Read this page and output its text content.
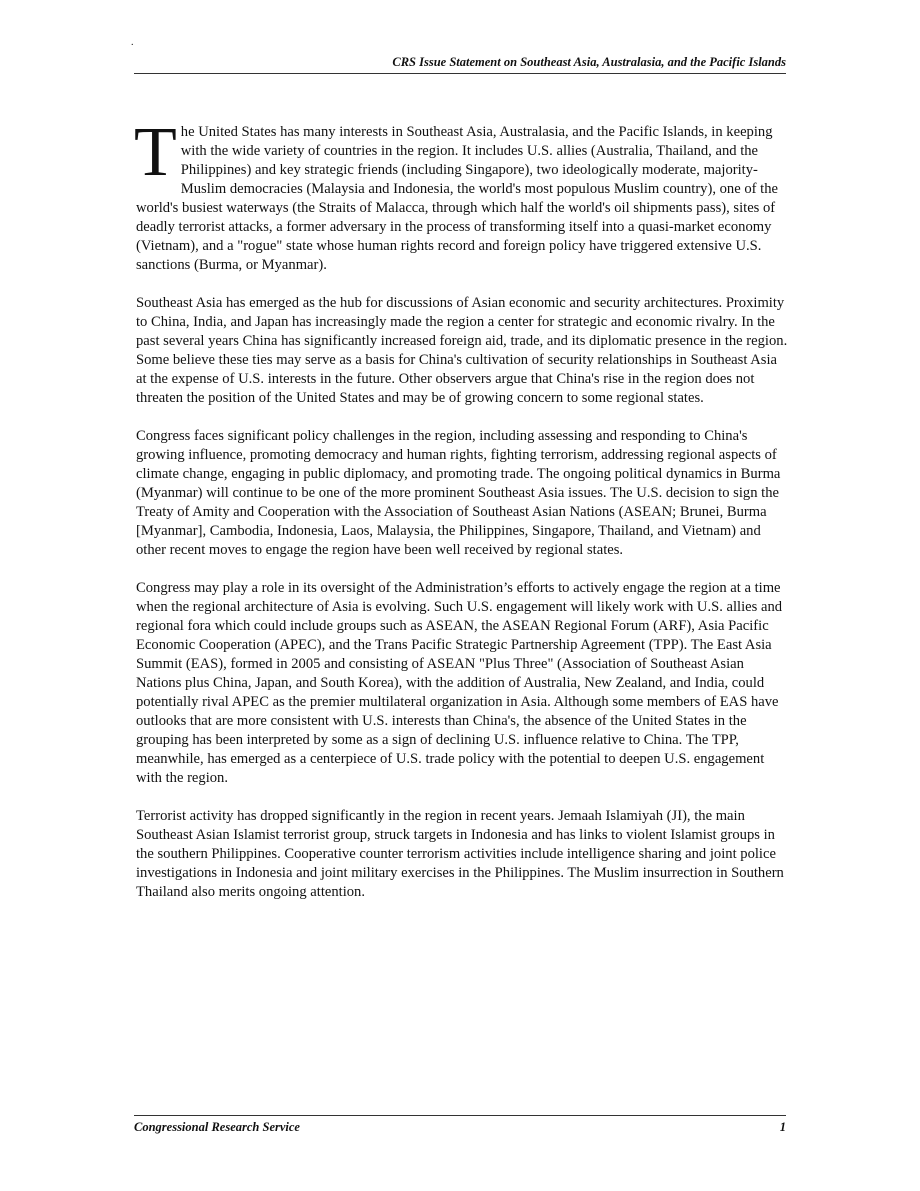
.
CRS Issue Statement on Southeast Asia, Australasia, and the Pacific Islands

The United States has many interests in Southeast Asia, Australasia, and the Pacific Islands, in keeping with the wide variety of countries in the region. It includes U.S. allies (Australia, Thailand, and the Philippines) and key strategic friends (including Singapore), two ideologically moderate, majority-Muslim democracies (Malaysia and Indonesia, the world's most populous Muslim country), one of the world's busiest waterways (the Straits of Malacca, through which half the world's oil shipments pass), sites of deadly terrorist attacks, a former adversary in the process of transforming itself into a quasi-market economy (Vietnam), and a "rogue" state whose human rights record and foreign policy have triggered extensive U.S. sanctions (Burma, or Myanmar).

Southeast Asia has emerged as the hub for discussions of Asian economic and security architectures. Proximity to China, India, and Japan has increasingly made the region a center for strategic and economic rivalry. In the past several years China has significantly increased foreign aid, trade, and its diplomatic presence in the region. Some believe these ties may serve as a basis for China's cultivation of security relationships in Southeast Asia at the expense of U.S. interests in the future. Other observers argue that China's rise in the region does not threaten the position of the United States and may be of growing concern to some regional states.

Congress faces significant policy challenges in the region, including assessing and responding to China's growing influence, promoting democracy and human rights, fighting terrorism, addressing regional aspects of climate change, engaging in public diplomacy, and promoting trade. The ongoing political dynamics in Burma (Myanmar) will continue to be one of the more prominent Southeast Asia issues. The U.S. decision to sign the Treaty of Amity and Cooperation with the Association of Southeast Asian Nations (ASEAN; Brunei, Burma [Myanmar], Cambodia, Indonesia, Laos, Malaysia, the Philippines, Singapore, Thailand, and Vietnam) and other recent moves to engage the region have been well received by regional states.

Congress may play a role in its oversight of the Administration’s efforts to actively engage the region at a time when the regional architecture of Asia is evolving. Such U.S. engagement will likely work with U.S. allies and regional fora which could include groups such as ASEAN, the ASEAN Regional Forum (ARF), Asia Pacific Economic Cooperation (APEC), and the Trans Pacific Strategic Partnership Agreement (TPP). The East Asia Summit (EAS), formed in 2005 and consisting of ASEAN "Plus Three" (Association of Southeast Asian Nations plus China, Japan, and South Korea), with the addition of Australia, New Zealand, and India, could potentially rival APEC as the premier multilateral organization in Asia. Although some members of EAS have outlooks that are more consistent with U.S. interests than China's, the absence of the United States in the grouping has been interpreted by some as a sign of declining U.S. influence relative to China. The TPP, meanwhile, has emerged as a centerpiece of U.S. trade policy with the potential to deepen U.S. engagement with the region.

Terrorist activity has dropped significantly in the region in recent years. Jemaah Islamiyah (JI), the main Southeast Asian Islamist terrorist group, struck targets in Indonesia and has links to violent Islamist groups in the southern Philippines. Cooperative counter terrorism activities include intelligence sharing and joint police investigations in Indonesia and joint military exercises in the Philippines. The Muslim insurrection in Southern Thailand also merits ongoing attention.

Congressional Research Service	1
